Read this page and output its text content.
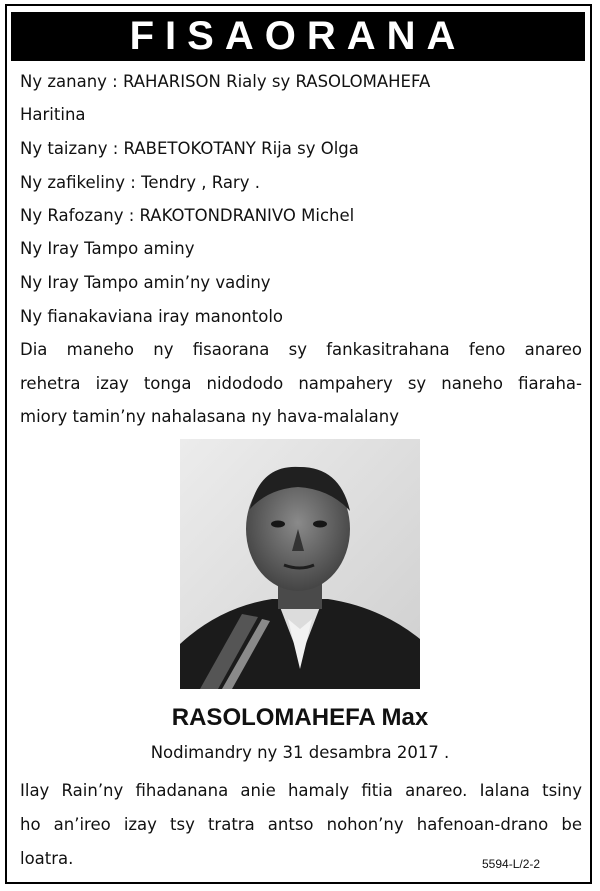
FISAORANA
Ny zanany : RAHARISON Rialy sy RASOLOMAHEFA
Haritina
Ny taizany : RABETOKOTANY Rija sy Olga
Ny zafikeliny : Tendry , Rary .
Ny Rafozany : RAKOTONDRANIVO Michel
Ny Iray Tampo aminy
Ny Iray Tampo amin’ny vadiny
Ny fianakaviana iray manontolo
Dia maneho ny fisaorana sy fankasitrahana feno anareo
rehetra izay tonga nidododo nampahery sy naneho fiaraha-
miory tamin’ny nahalasana ny hava-malalany
RASOLOMAHEFA Max
Nodimandry ny 31 desambra 2017 .
Ilay Rain’ny fihadanana anie hamaly fitia anareo. Ialana tsiny
ho an’ireo izay tsy tratra antso nohon’ny hafenoan-drano be
loatra.	5594-L/2-2
